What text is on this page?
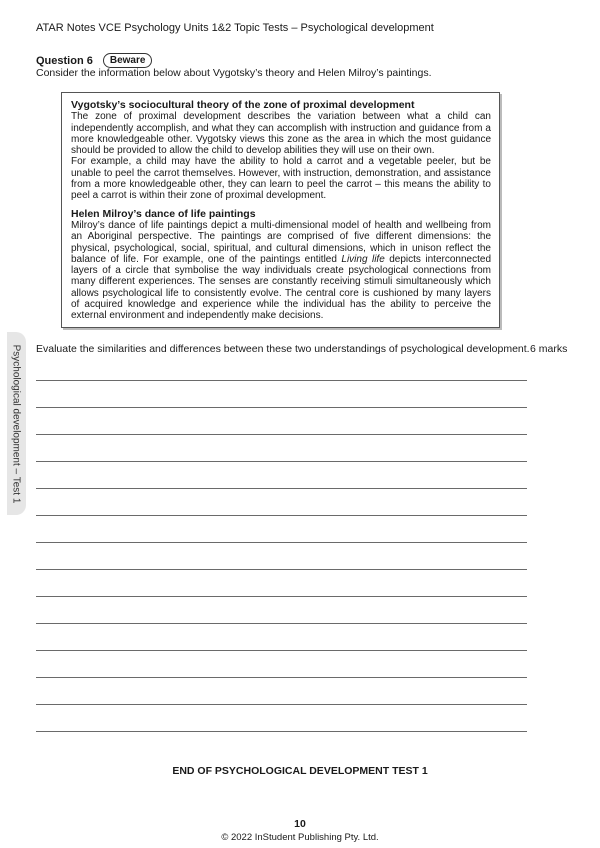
ATAR Notes VCE Psychology Units 1&2 Topic Tests – Psychological development
Question 6	Beware
Consider the information below about Vygotsky’s theory and Helen Milroy’s paintings.
Vygotsky’s sociocultural theory of the zone of proximal development

The zone of proximal development describes the variation between what a child can independently accomplish, and what they can accomplish with instruction and guidance from a more knowledgeable other. Vygotsky views this zone as the area in which the most guidance should be provided to allow the child to develop abilities they will use on their own.

For example, a child may have the ability to hold a carrot and a vegetable peeler, but be unable to peel the carrot themselves. However, with instruction, demonstration, and assistance from a more knowledgeable other, they can learn to peel the carrot – this means the ability to peel a carrot is within their zone of proximal development.

Helen Milroy’s dance of life paintings

Milroy’s dance of life paintings depict a multi-dimensional model of health and wellbeing from an Aboriginal perspective. The paintings are comprised of five different dimensions: the physical, psychological, social, spiritual, and cultural dimensions, which in unison reflect the balance of life. For example, one of the paintings entitled Living life depicts interconnected layers of a circle that symbolise the way individuals create psychological connections from many different experiences. The senses are constantly receiving stimuli simultaneously which allows psychological life to consistently evolve. The central core is cushioned by many layers of acquired knowledge and experience while the individual has the ability to perceive the external environment and independently make decisions.

Psychological development – Test 1 Evaluate the similarities and differences between these two understandings of psychological development. 6 marks
END OF PSYCHOLOGICAL DEVELOPMENT TEST 1
10
© 2022 InStudent Publishing Pty. Ltd.
